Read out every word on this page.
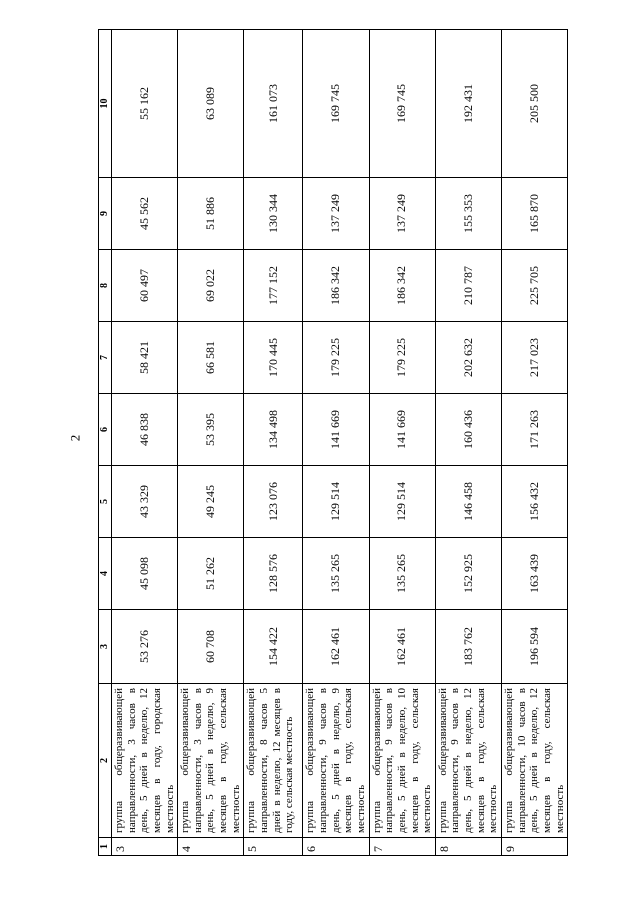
2
1	2	3	4	5	6	7	8	9	10
3	группа общеразвивающей направленности, 3 часов в день, 5 дней в неделю, 12 месяцев в году, городская местность	53 276	45 098	43 329	46 838	58 421	60 497	45 562	55 162
4	группа общеразвивающей направленности, 3 часов в день, 5 дней в неделю, 9 месяцев в году, сельская местность	60 708	51 262	49 245	53 395	66 581	69 022	51 886	63 089
5	группа общеразвивающей направленности, 8 часов 5 дней в неделю, 12 месяцев в году, сельская местность	154 422	128 576	123 076	134 498	170 445	177 152	130 344	161 073
6	группа общеразвивающей направленности, 9 часов в день, 5 дней в неделю, 9 месяцев в году, сельская местность	162 461	135 265	129 514	141 669	179 225	186 342	137 249	169 745
7	группа общеразвивающей направленности, 9 часов в день, 5 дней в неделю, 10 месяцев в году, сельская местность	162 461	135 265	129 514	141 669	179 225	186 342	137 249	169 745
8	группа общеразвивающей направленности, 9 часов в день, 5 дней в неделю, 12 месяцев в году, сельская местность	183 762	152 925	146 458	160 436	202 632	210 787	155 353	192 431
9	группа общеразвивающей направленности, 10 часов в день, 5 дней в неделю, 12 месяцев в году, сельская местность	196 594	163 439	156 432	171 263	217 023	225 705	165 870	205 500
